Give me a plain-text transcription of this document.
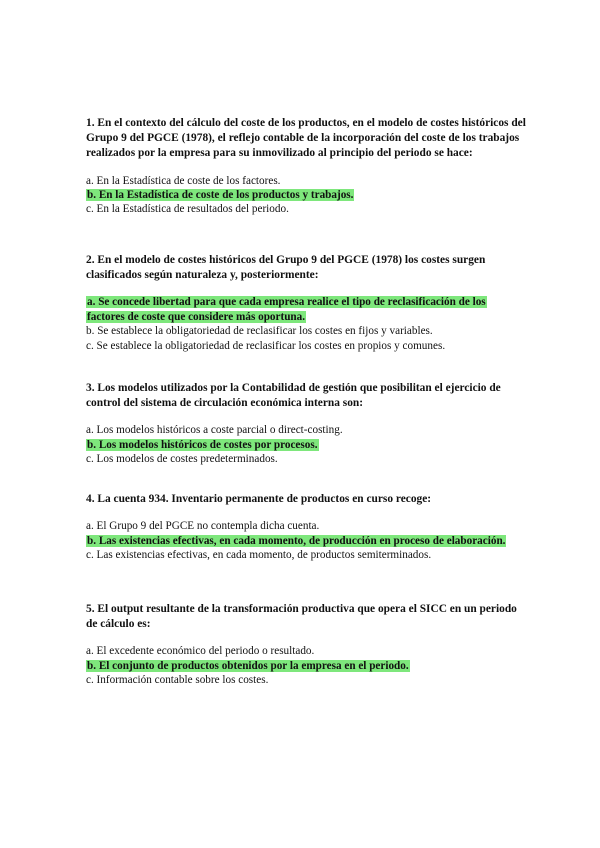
1. En el contexto del cálculo del coste de los productos, en el modelo de costes históricos del Grupo 9 del PGCE (1978), el reflejo contable de la incorporación del coste de los trabajos realizados por la empresa para su inmovilizado al principio del periodo se hace:

a. En la Estadística de coste de los factores.

b. En la Estadística de coste de los productos y trabajos.

c. En la Estadística de resultados del periodo.

2. En el modelo de costes históricos del Grupo 9 del PGCE (1978) los costes surgen clasificados según naturaleza y, posteriormente:

a. Se concede libertad para que cada empresa realice el tipo de reclasificación de los factores de coste que considere más oportuna.

b. Se establece la obligatoriedad de reclasificar los costes en fijos y variables.

c. Se establece la obligatoriedad de reclasificar los costes en propios y comunes.

3. Los modelos utilizados por la Contabilidad de gestión que posibilitan el ejercicio de control del sistema de circulación económica interna son:

a. Los modelos históricos a coste parcial o direct-costing.

b. Los modelos históricos de costes por procesos.

c. Los modelos de costes predeterminados.

4. La cuenta 934. Inventario permanente de productos en curso recoge:

a. El Grupo 9 del PGCE no contempla dicha cuenta.

b. Las existencias efectivas, en cada momento, de producción en proceso de elaboración.

c. Las existencias efectivas, en cada momento, de productos semiterminados.

5. El output resultante de la transformación productiva que opera el SICC en un periodo de cálculo es:

a. El excedente económico del periodo o resultado.

b. El conjunto de productos obtenidos por la empresa en el periodo.

c. Información contable sobre los costes.
